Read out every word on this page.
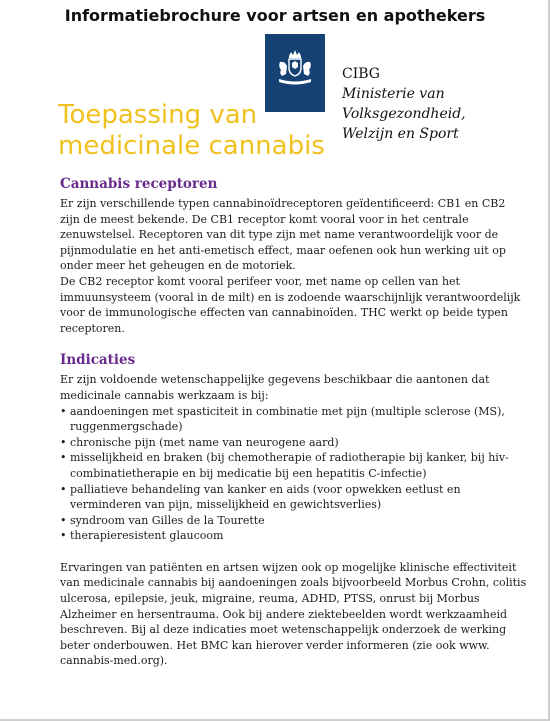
Informatiebrochure voor artsen en apothekers
CIBG
Ministerie van Volksgezondheid,
Welzijn en Sport
Toepassing van
medicinale cannabis
Cannabis receptoren

Er zijn verschillende typen cannabinoïdreceptoren geïdentificeerd: CB1 en CB2 zijn de meest bekende. De CB1 receptor komt vooral voor in het centrale zenuwstelsel. Receptoren van dit type zijn met name verantwoordelijk voor de pijnmodulatie en het anti-emetisch effect, maar oefenen ook hun werking uit op onder meer het geheugen en de motoriek.

De CB2 receptor komt vooral perifeer voor, met name op cellen van het immuunsysteem (vooral in de milt) en is zodoende waarschijnlijk verantwoordelijk voor de immunologische effecten van cannabinoïden. THC werkt op beide typen receptoren.

Indicaties

Er zijn voldoende wetenschappelijke gegevens beschikbaar die aantonen dat medicinale cannabis werkzaam is bij:

• aandoeningen met spasticiteit in combinatie met pijn (multiple sclerose (MS), ruggenmergschade)
• chronische pijn (met name van neurogene aard)
• misselijkheid en braken (bij chemotherapie of radiotherapie bij kanker, bij hiv-combinatietherapie en bij medicatie bij een hepatitis C-infectie)
• palliatieve behandeling van kanker en aids (voor opwekken eetlust en verminderen van pijn, misselijkheid en gewichtsverlies)
• syndroom van Gilles de la Tourette
• therapieresistent glaucoom

Ervaringen van patiënten en artsen wijzen ook op mogelijke klinische effectiviteit van medicinale cannabis bij aandoeningen zoals bijvoorbeeld Morbus Crohn, colitis ulcerosa, epilepsie, jeuk, migraine, reuma, ADHD, PTSS, onrust bij Morbus Alzheimer en hersentrauma. Ook bij andere ziektebeelden wordt werkzaamheid beschreven. Bij al deze indicaties moet wetenschappelijk onderzoek de werking beter onderbouwen. Het BMC kan hierover verder informeren (zie ook www. cannabis-med.org).
